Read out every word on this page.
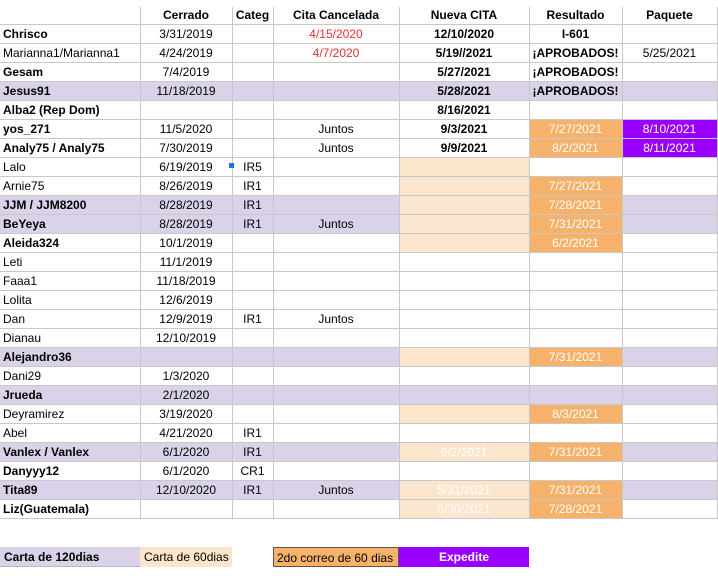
	Cerrado	Categ	Cita Cancelada	Nueva CITA	Resultado	Paquete
Chrisco	3/31/2019		4/15/2020	12/10/2020	I-601	
Marianna1/Marianna1	4/24/2019		4/7/2020	5/19//2021	¡APROBADOS!	5/25/2021
Gesam	7/4/2019			5/27/2021	¡APROBADOS!	
Jesus91	11/18/2019			5/28/2021	¡APROBADOS!	
Alba2 (Rep Dom)				8/16/2021		
yos_271	11/5/2020		Juntos	9/3/2021	7/27/2021	8/10/2021
Analy75 / Analy75	7/30/2019		Juntos	9/9/2021	8/2/2021	8/11/2021
Lalo	6/19/2019	IR5				
Arnie75	8/26/2019	IR1			7/27/2021	
JJM / JJM8200	8/28/2019	IR1			7/28/2021	
BeYeya	8/28/2019	IR1	Juntos		7/31/2021	
Aleida324	10/1/2019				6/2/2021	
Leti	11/1/2019					
Faaa1	11/18/2019					
Lolita	12/6/2019					
Dan	12/9/2019	IR1	Juntos			
Dianau	12/10/2019					
Alejandro36					7/31/2021	
Dani29	1/3/2020					
Jrueda	2/1/2020					
Deyramirez	3/19/2020				8/3/2021	
Abel	4/21/2020	IR1				
Vanlex / Vanlex	6/1/2020	IR1		6/2/2021	7/31/2021	
Danyyy12	6/1/2020	CR1				
Tita89	12/10/2020	IR1	Juntos	5/31/2021	7/31/2021	
Liz(Guatemala)				5/30/2021	7/28/2021	
Carta de 120dias	Carta de 60dias	2do correo de 60 dias	Expedite
